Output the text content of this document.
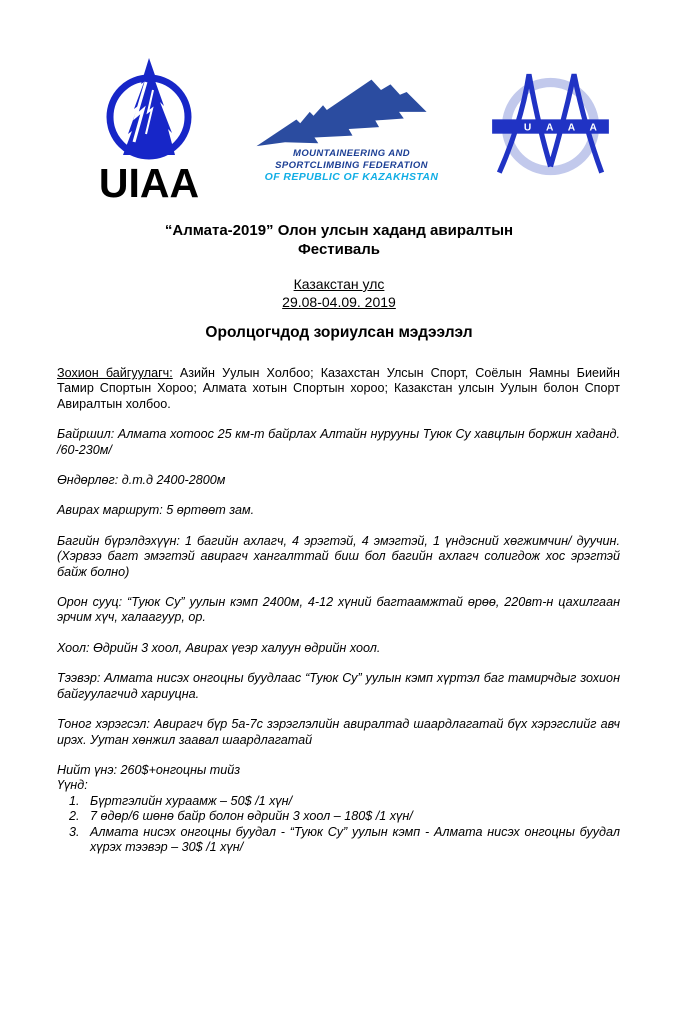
UIAA
MOUNTAINEERING AND
SPORTCLIMBING FEDERATION
OF REPUBLIC OF KAZAKHSTAN
U A A A
“Алмата-2019” Олон улсын хаданд авиралтын
Фестиваль
Казакстан улс
29.08-04.09. 2019
Оролцогчдод зориулсан мэдээлэл

Зохион байгуулагч: Азийн Уулын Холбоо; Казахстан Улсын Спорт, Соёлын Яамны Биеийн Тамир Спортын Хороо; Алмата хотын Спортын хороо; Казакстан улсын Уулын болон Спорт Авиралтын холбоо.

Байршил: Алмата хотоос 25 км-т байрлах Алтайн нурууны Туюк Су хавцлын боржин хаданд. /60-230м/

Өндөрлөг: д.т.д 2400-2800м

Авирах маршрут: 5 өртөөт зам.

Багийн бүрэлдэхүүн: 1 багийн ахлагч, 4 эрэгтэй, 4 эмэгтэй, 1 үндэсний хөгжимчин/ дуучин. (Хэрвээ багт эмэгтэй авирагч хангалттай биш бол багийн ахлагч солигдож хос эрэгтэй байж болно)

Орон сууц: “Туюк Су” уулын кэмп 2400м, 4-12 хүний багтаамжтай өрөө, 220вт-н цахилгаан эрчим хүч, халаагуур, ор.

Хоол: Өдрийн 3 хоол, Авирах үеэр халуун өдрийн хоол.

Тээвэр: Алмата нисэх онгоцны буудлаас “Туюк Су” уулын кэмп хүртэл баг тамирчдыг зохион байгуулагчид хариуцна.

Тоног хэрэгсэл: Авирагч бүр 5а-7с зэрэглэлийн авиралтад шаардлагатай бүх хэрэгслийг авч ирэх. Уутан хөнжил заавал шаардлагатай

Нийт үнэ: 260$+онгоцны тийз

Үүнд:

1. Бүртгэлийн хураамж – 50$ /1 хүн/
2. 7 өдөр/6 шөнө байр болон өдрийн 3 хоол – 180$ /1 хүн/
3. Алмата нисэх онгоцны буудал - “Туюк Су” уулын кэмп - Алмата нисэх онгоцны буудал хүрэх тээвэр – 30$ /1 хүн/
